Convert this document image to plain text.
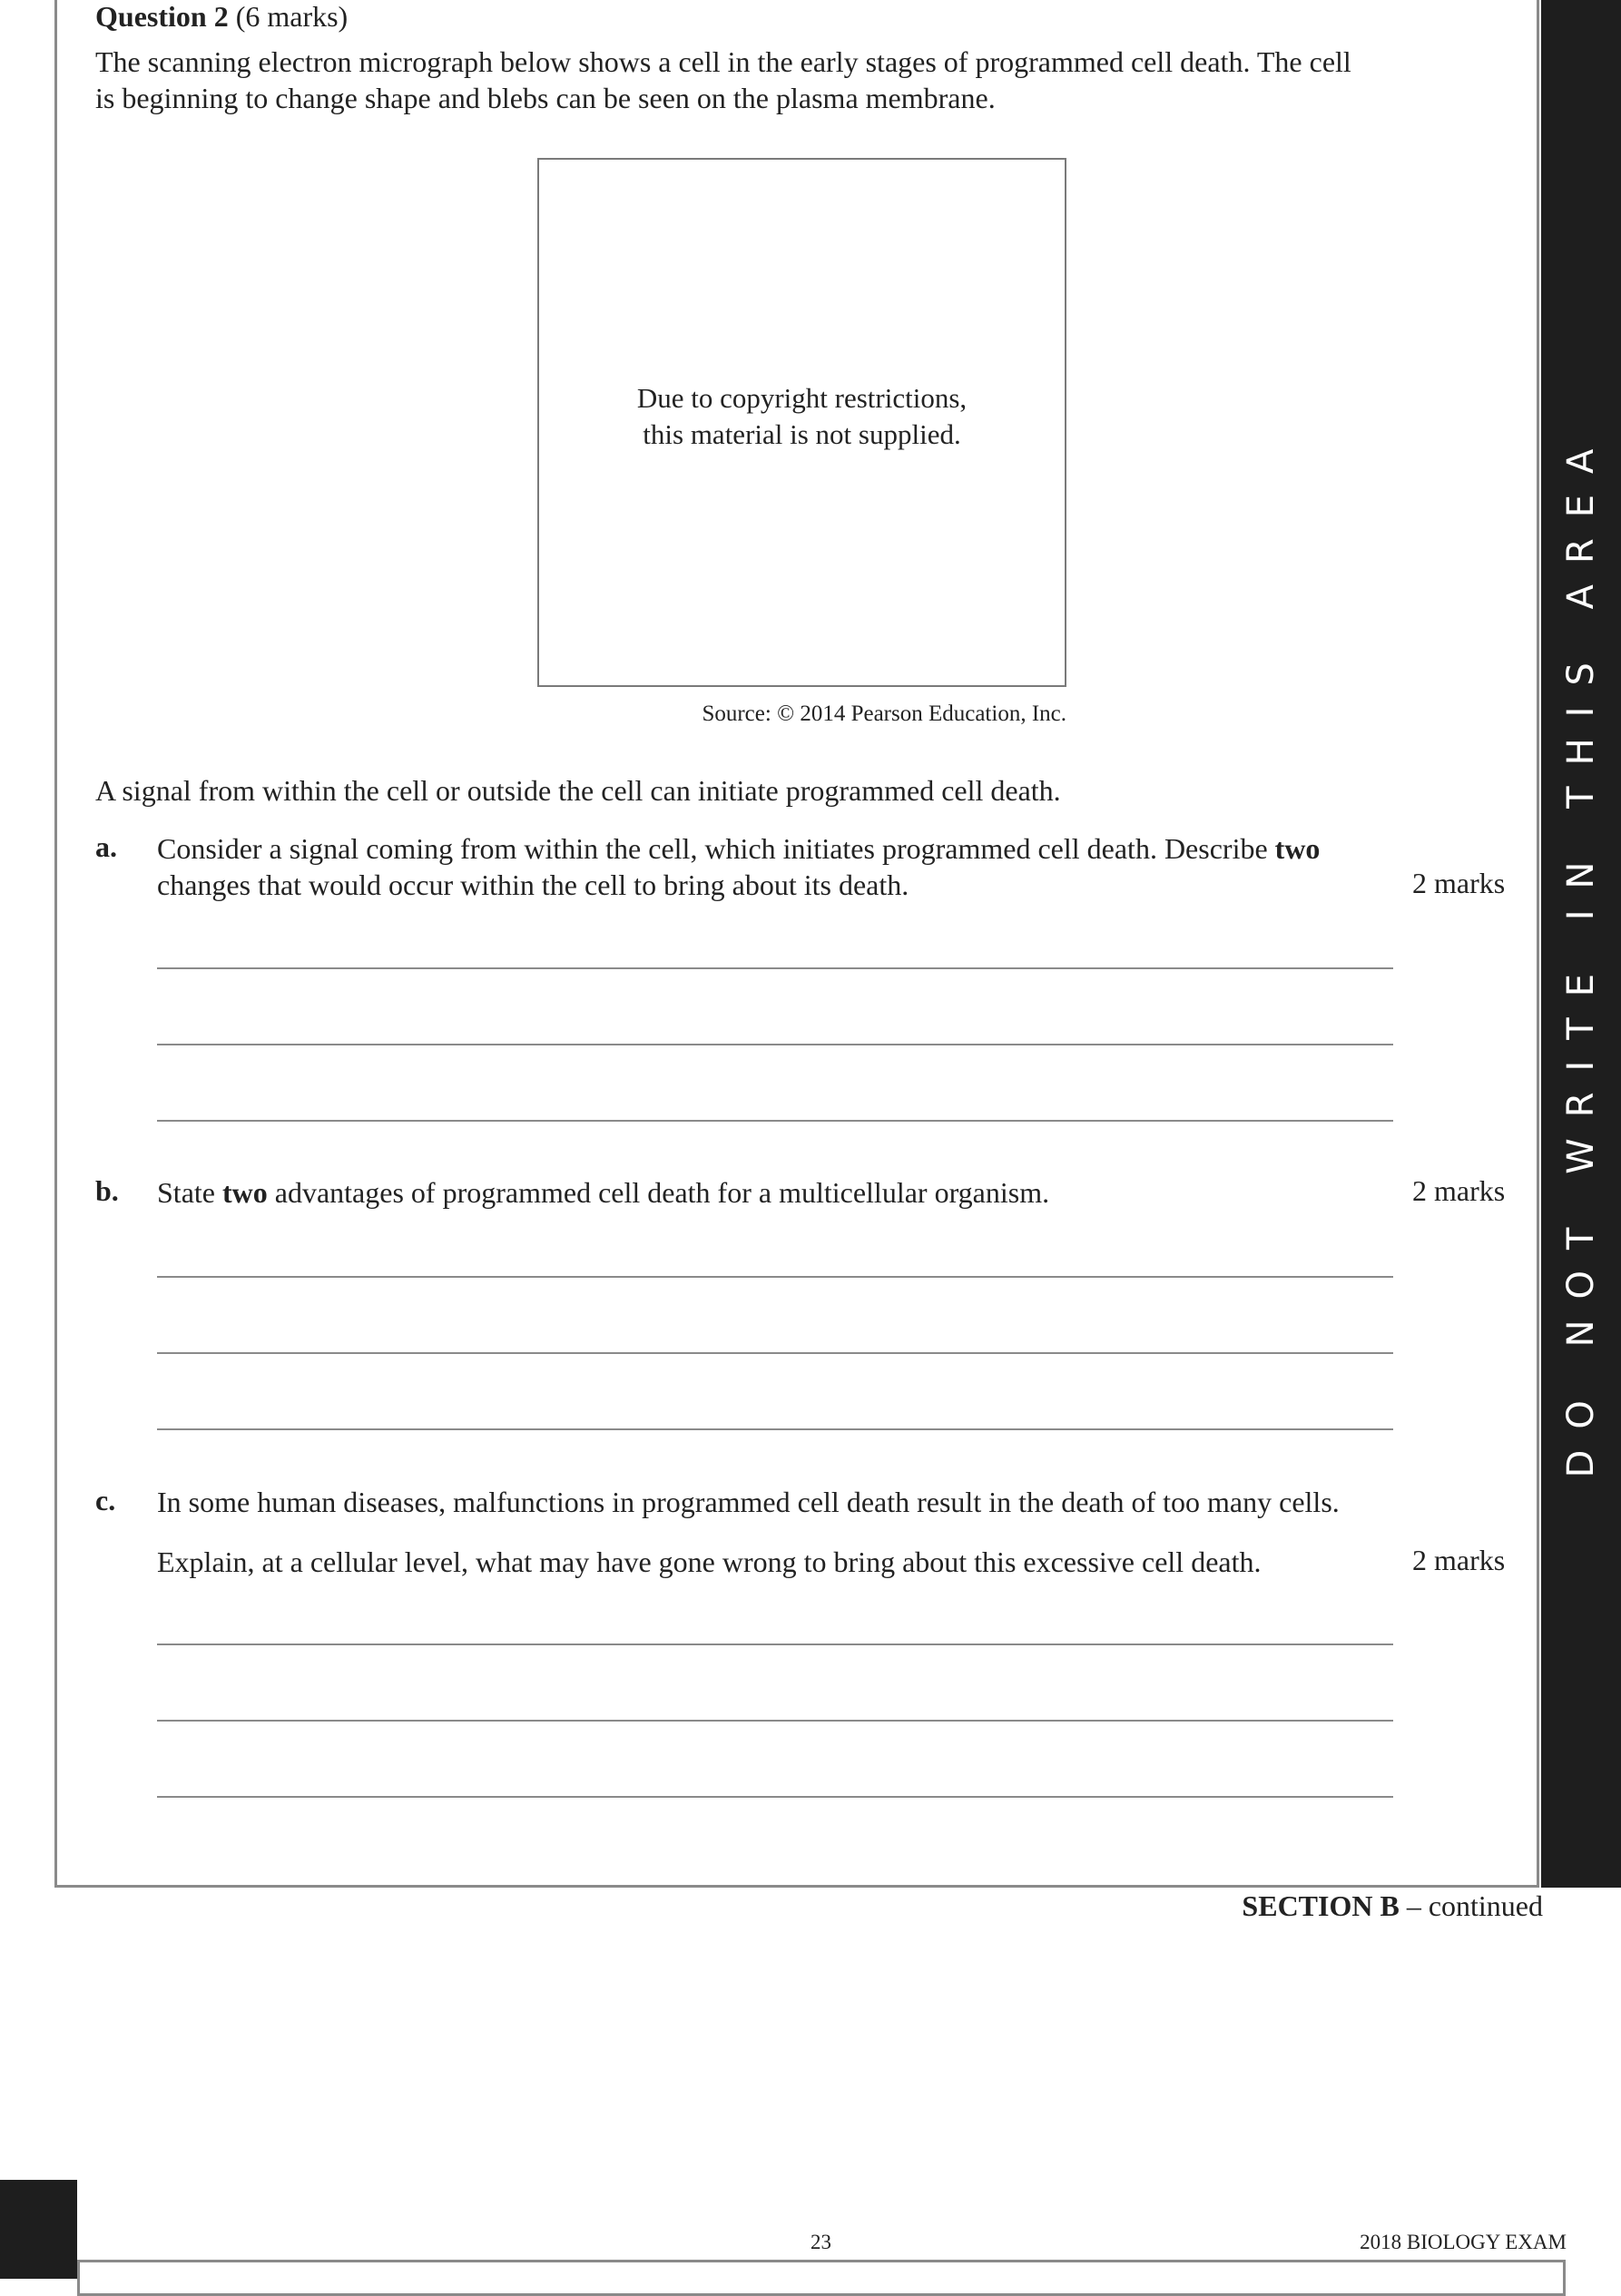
DO NOT WRITE IN THIS AREA
Question 2 (6 marks)
The scanning electron micrograph below shows a cell in the early stages of programmed cell death. The cell
is beginning to change shape and blebs can be seen on the plasma membrane.
Due to copyright restrictions,
this material is not supplied.
Source: © 2014 Pearson Education, Inc.
A signal from within the cell or outside the cell can initiate programmed cell death.
a. Consider a signal coming from within the cell, which initiates programmed cell death. Describe two
changes that would occur within the cell to bring about its death.	2 marks
b. State two advantages of programmed cell death for a multicellular organism.	2 marks
c. In some human diseases, malfunctions in programmed cell death result in the death of too many cells.
Explain, at a cellular level, what may have gone wrong to bring about this excessive cell death.	2 marks
SECTION B – continued
23	2018 BIOLOGY EXAM
